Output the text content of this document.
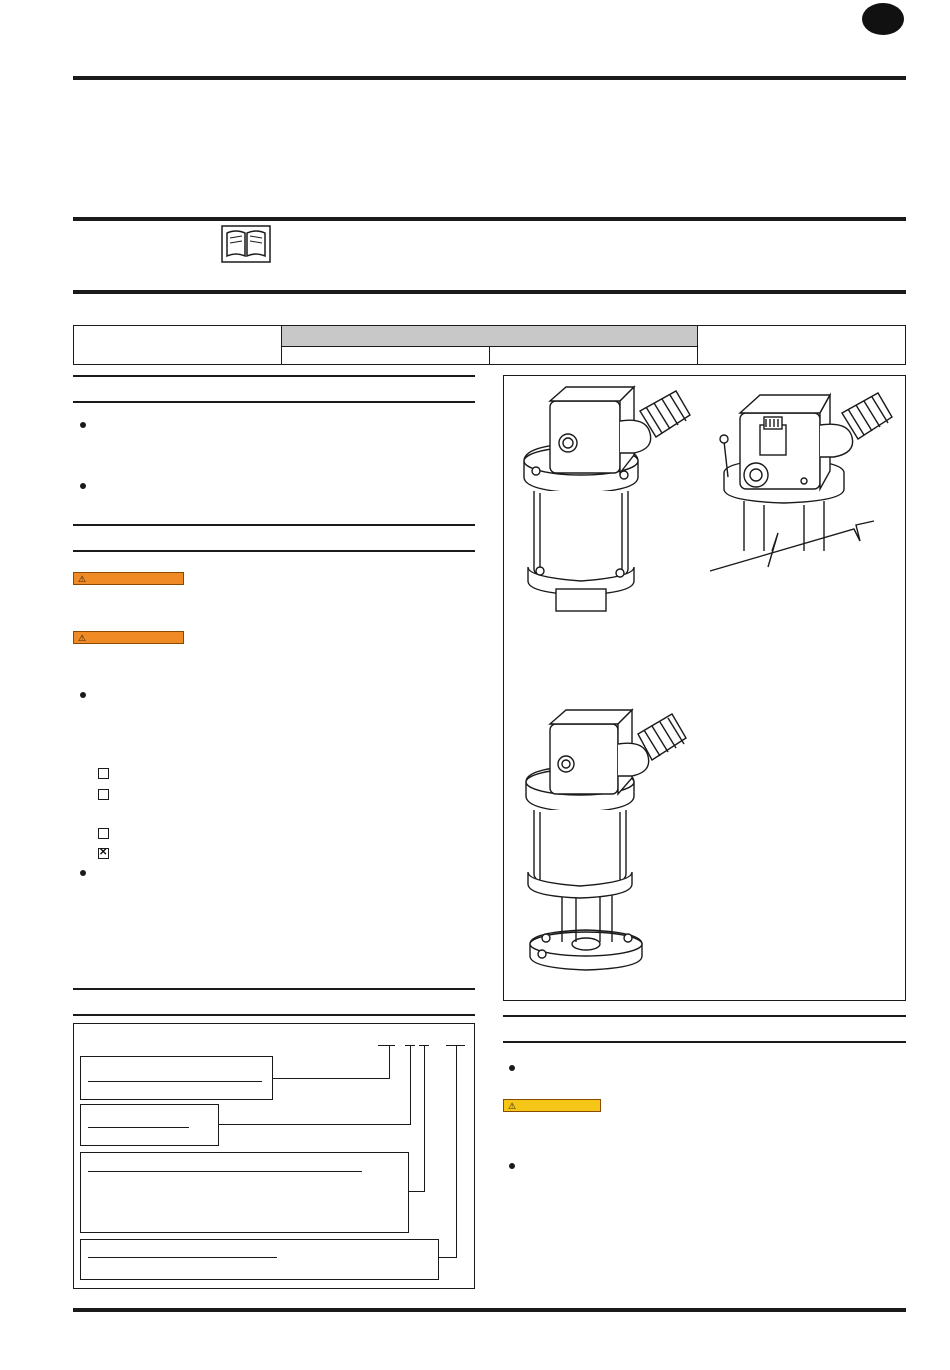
⚠
⚠
✕
⚠
